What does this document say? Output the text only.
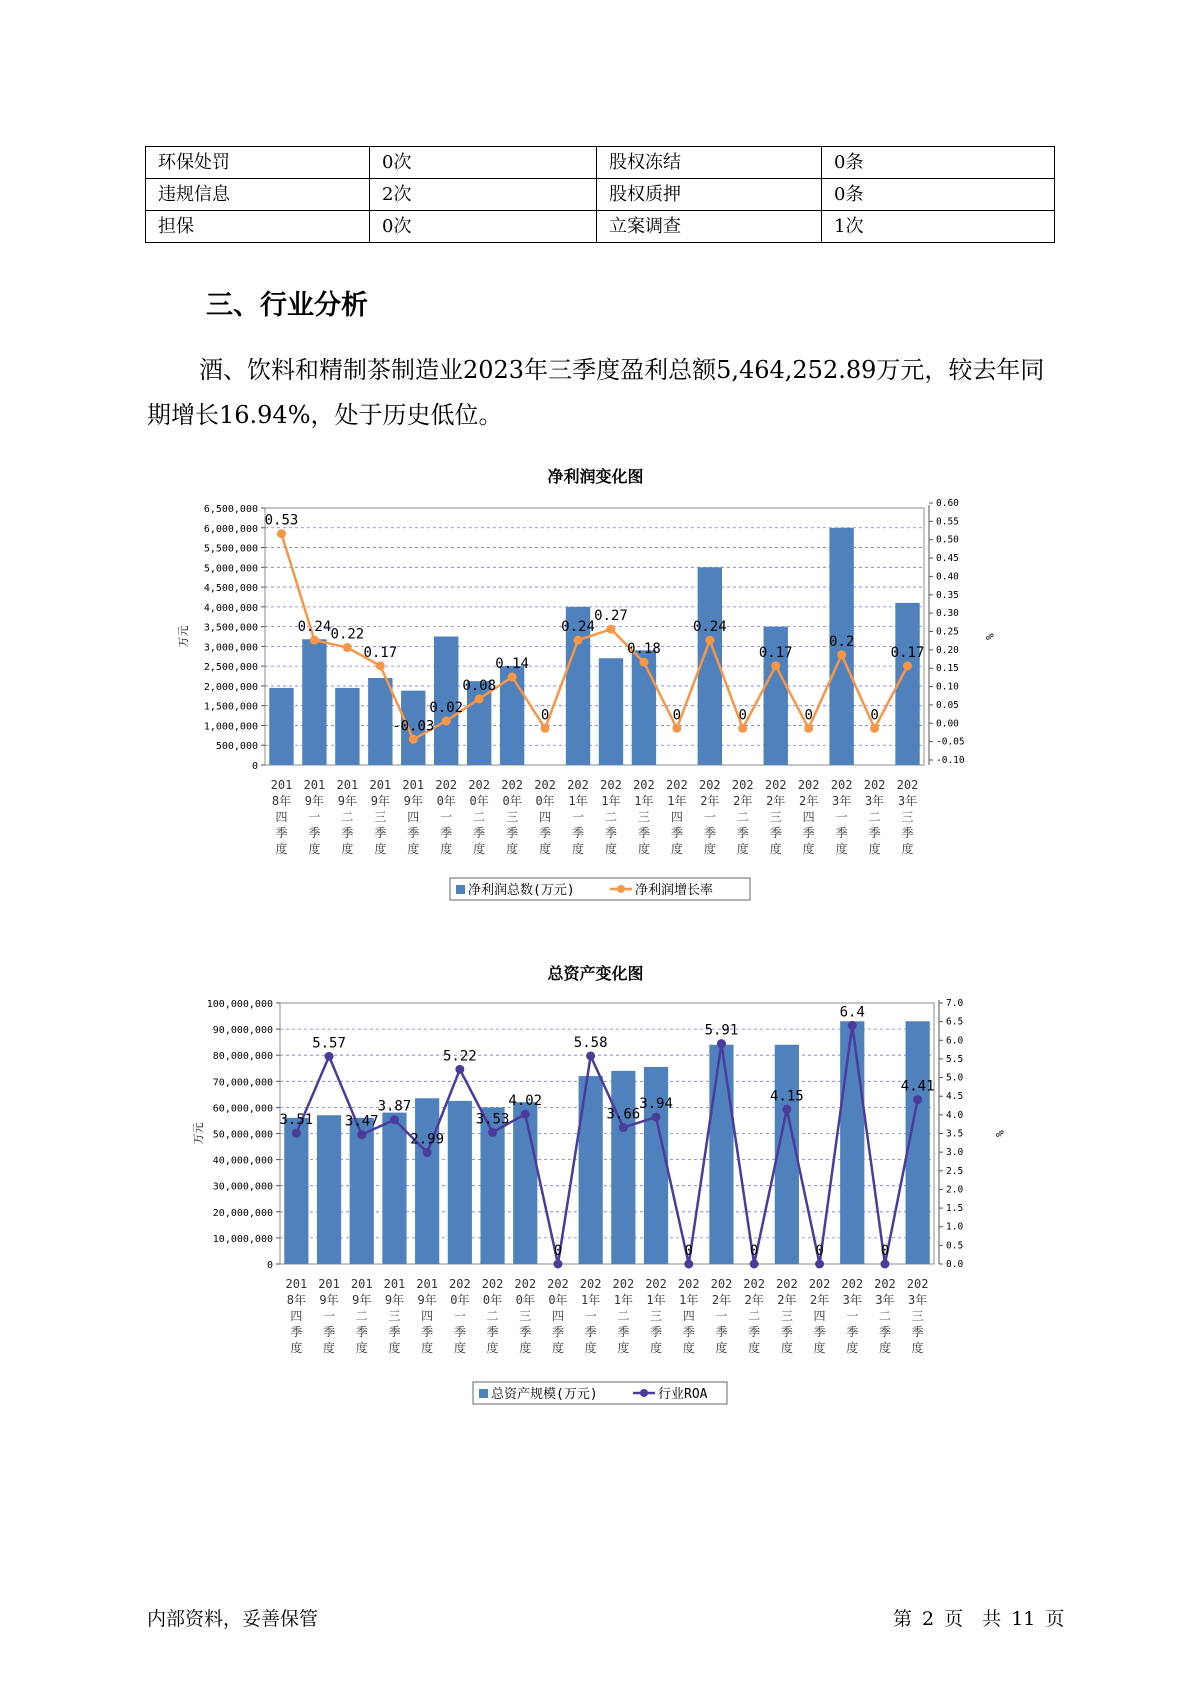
环保处罚	0次	股权冻结	0条
违规信息	2次	股权质押	0条
担保	0次	立案调查	1次
三、行业分析
酒、饮料和精制茶制造业2023年三季度盈利总额5,464,252.89万元，较去年同期增长16.94%，处于历史低位。
净利润变化图
6,500,000
6,000,000
5,500,000
5,000,000
4,500,000
4,000,000
3,500,000
3,000,000
2,500,000
2,000,000
1,500,000
1,000,000
500,000
0
0.60
0.55
0.50
0.45
0.40
0.35
0.30
0.25
0.20
0.15
0.10
0.05
0.00
-0.05
-0.10
万元	%
0.53
0.24 0.22
0.17
-0.03
0.02
0.08
0.14
0
0.24
0.27
0.18
0
0.24
0
0.17
0
0.2
0
0.17
201 8年四季度
201 9年一季度
201 9年二季度
201 9年三季度
201 9年四季度
202 0年一季度
202 0年二季度
202 0年三季度
202 0年四季度
202 1年一季度
202 1年二季度
202 1年三季度
202 1年四季度
202 2年一季度
202 2年二季度
202 2年三季度
202 2年四季度
202 3年一季度
202 3年二季度
202 3年三季度
净利润总数(万元)	净利润增长率
总资产变化图
100,000,000
90,000,000
80,000,000
70,000,000
60,000,000
50,000,000
40,000,000
30,000,000
20,000,000
10,000,000
0
7.0
6.5
6.0
5.5
5.0
4.5
4.0
3.5
3.0
2.5
2.0
1.5
1.0
0.5
0.0
万元	%
3.51
5.57
3.47
3.87
2.99
5.22
3.53
4.02
0
5.58
3.66
3.94
0
5.91
0
4.15
0
6.4
0
4.41
201 8年四季度
201 9年一季度
201 9年二季度
201 9年三季度
201 9年四季度
202 0年一季度
202 0年二季度
202 0年三季度
202 0年四季度
202 1年一季度
202 1年二季度
202 1年三季度
202 1年四季度
202 2年一季度
202 2年二季度
202 2年三季度
202 2年四季度
202 3年一季度
202 3年二季度
202 3年三季度
总资产规模(万元)	行业ROA
内部资料，妥善保管	第 2 页　共 11 页
